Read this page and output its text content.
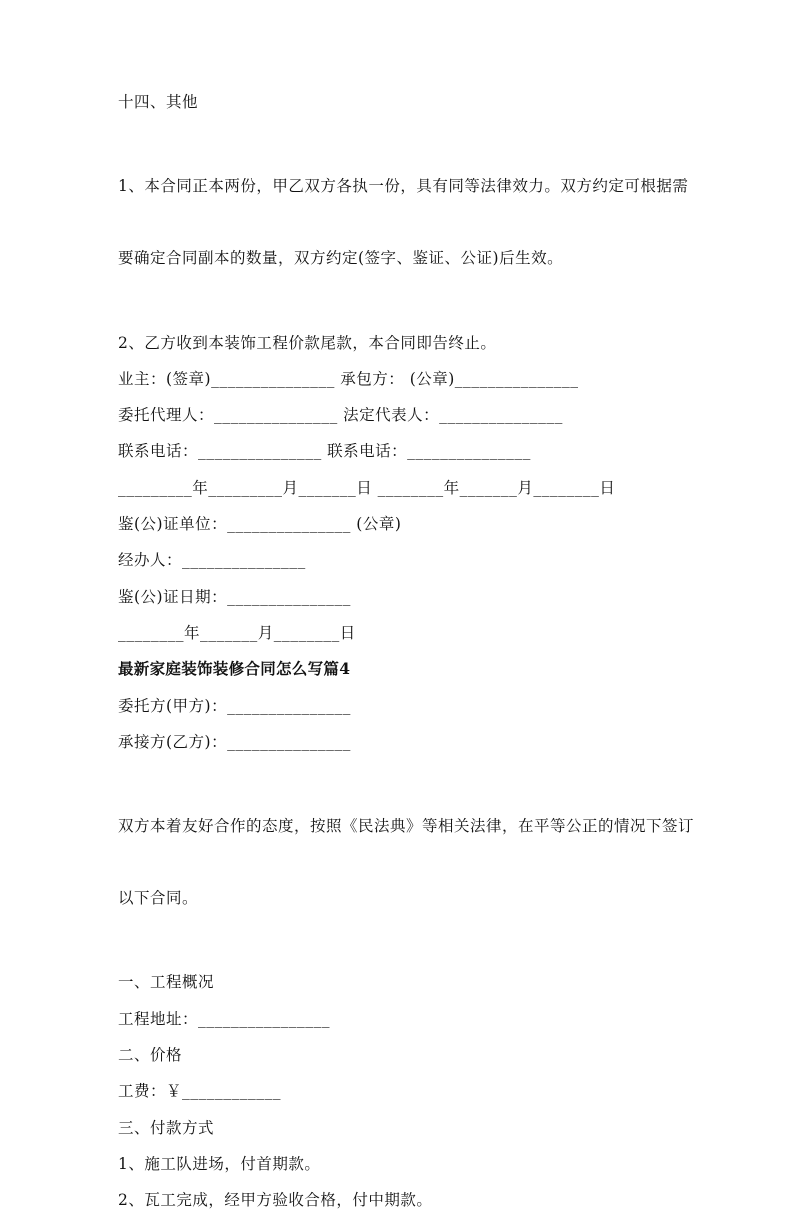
十四、其他

1、本合同正本两份，甲乙双方各执一份，具有同等法律效力。双方约定可根据需

要确定合同副本的数量，双方约定(签字、鉴证、公证)后生效。

2、乙方收到本装饰工程价款尾款，本合同即告终止。

业主：(签章)_______________ 承包方： (公章)_______________

委托代理人：_______________ 法定代表人：_______________

联系电话：_______________ 联系电话：_______________

_________年_________月_______日 ________年_______月________日

鉴(公)证单位：_______________ (公章)

经办人：_______________

鉴(公)证日期：_______________

________年_______月________日

最新家庭装饰装修合同怎么写篇4

委托方(甲方)：_______________

承接方(乙方)：_______________

双方本着友好合作的态度，按照《民法典》等相关法律，在平等公正的情况下签订

以下合同。

一、工程概况

工程地址：________________

二、价格

工费：￥____________

三、付款方式

1、施工队进场，付首期款。

2、瓦工完成，经甲方验收合格，付中期款。
